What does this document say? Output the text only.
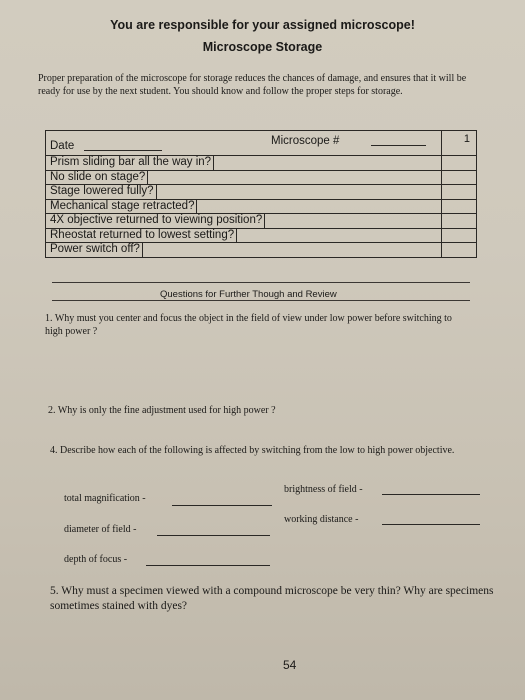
You are responsible for your assigned microscope!
Microscope Storage
Proper preparation of the microscope for storage reduces the chances of damage, and ensures that it will be ready for use by the next student. You should know and follow the proper steps for storage.
Date	Microscope #	1
Prism sliding bar all the way in?
No slide on stage?
Stage lowered fully?
Mechanical stage retracted?
4X objective returned to viewing position?
Rheostat returned to lowest setting?
Power switch off?
Questions for Further Though and Review
1. Why must you center and focus the object in the field of view under low power before switching to high power ?
2. Why is only the fine adjustment used for high power ?
4. Describe how each of the following is affected by switching from the low to high power objective.
total magnification -
brightness of field -
diameter of field -
working distance -
depth of focus -
5. Why must a specimen viewed with a compound microscope be very thin? Why are specimens sometimes stained with dyes?
54
